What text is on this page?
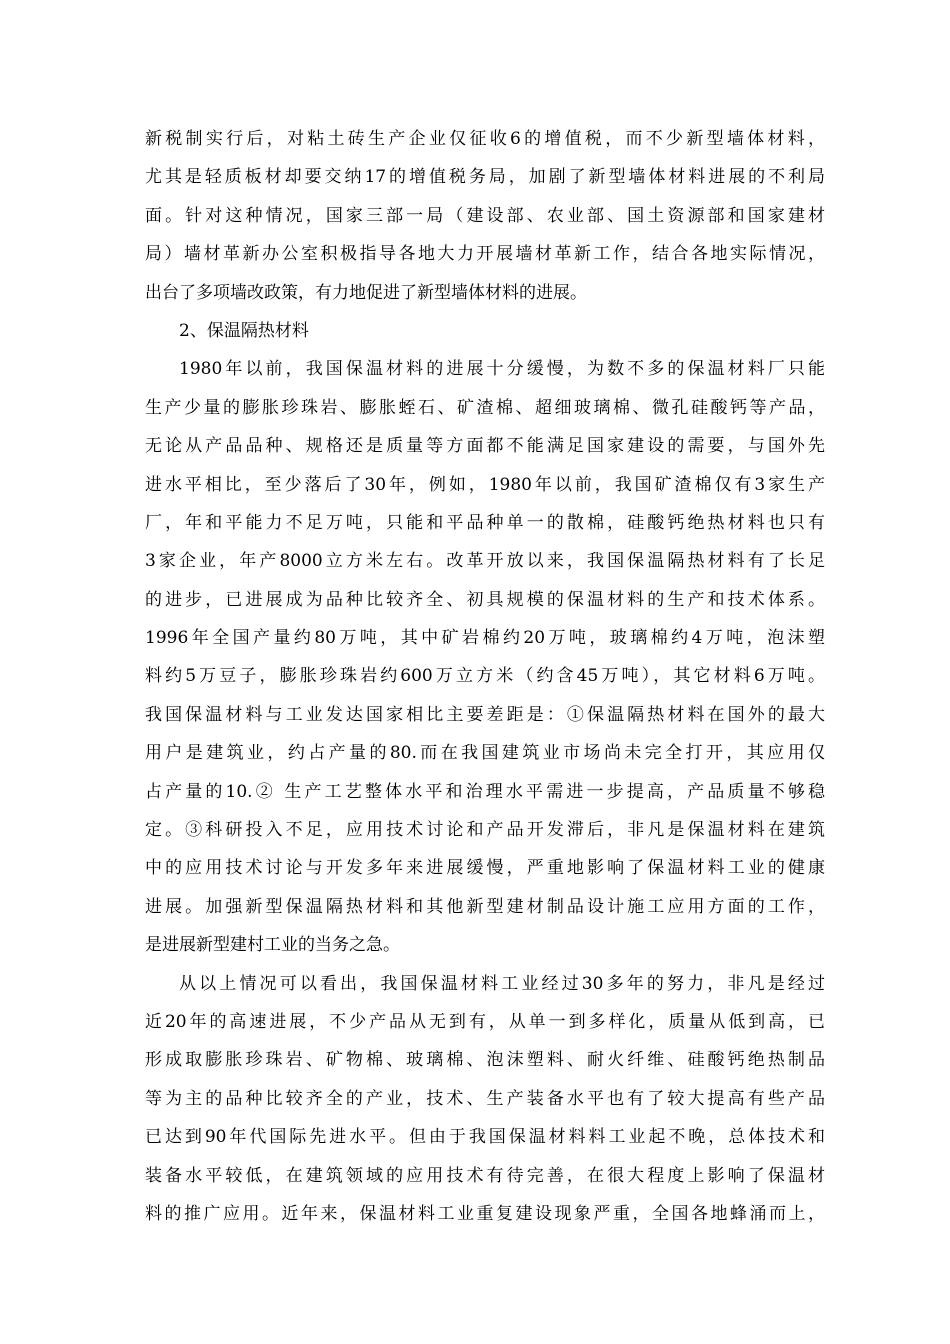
新税制实行后，对粘土砖生产企业仅征收6的增值税，而不少新型墙体材料，
尤其是轻质板材却要交纳17的增值税务局，加剧了新型墙体材料进展的不利局
面。针对这种情况，国家三部一局（建设部、农业部、国土资源部和国家建材
局）墙材革新办公室积极指导各地大力开展墙材革新工作，结合各地实际情况，
出台了多项墙改政策，有力地促进了新型墙体材料的进展。
2、保温隔热材料
1980年以前，我国保温材料的进展十分缓慢，为数不多的保温材料厂只能
生产少量的膨胀珍珠岩、膨胀蛭石、矿渣棉、超细玻璃棉、微孔硅酸钙等产品，
无论从产品品种、规格还是质量等方面都不能满足国家建设的需要，与国外先
进水平相比，至少落后了30年，例如，1980年以前，我国矿渣棉仅有3家生产
厂，年和平能力不足万吨，只能和平品种单一的散棉，硅酸钙绝热材料也只有
3家企业，年产8000立方米左右。改革开放以来，我国保温隔热材料有了长足
的进步，已进展成为品种比较齐全、初具规模的保温材料的生产和技术体系。
1996年全国产量约80万吨，其中矿岩棉约20万吨，玻璃棉约4万吨，泡沫塑
料约5万豆子，膨胀珍珠岩约600万立方米（约含45万吨），其它材料6万吨。
我国保温材料与工业发达国家相比主要差距是：①保温隔热材料在国外的最大
用户是建筑业，约占产量的80.而在我国建筑业市场尚未完全打开，其应用仅
占产量的10.② 生产工艺整体水平和治理水平需进一步提高，产品质量不够稳
定。③科研投入不足，应用技术讨论和产品开发滞后，非凡是保温材料在建筑
中的应用技术讨论与开发多年来进展缓慢，严重地影响了保温材料工业的健康
进展。加强新型保温隔热材料和其他新型建材制品设计施工应用方面的工作，
是进展新型建村工业的当务之急。
从以上情况可以看出，我国保温材料工业经过30多年的努力，非凡是经过
近20年的高速进展，不少产品从无到有，从单一到多样化，质量从低到高，已
形成取膨胀珍珠岩、矿物棉、玻璃棉、泡沫塑料、耐火纤维、硅酸钙绝热制品
等为主的品种比较齐全的产业，技术、生产装备水平也有了较大提高有些产品
已达到90年代国际先进水平。但由于我国保温材料料工业起不晚，总体技术和
装备水平较低，在建筑领域的应用技术有待完善，在很大程度上影响了保温材
料的推广应用。近年来，保温材料工业重复建设现象严重，全国各地蜂涌而上，
